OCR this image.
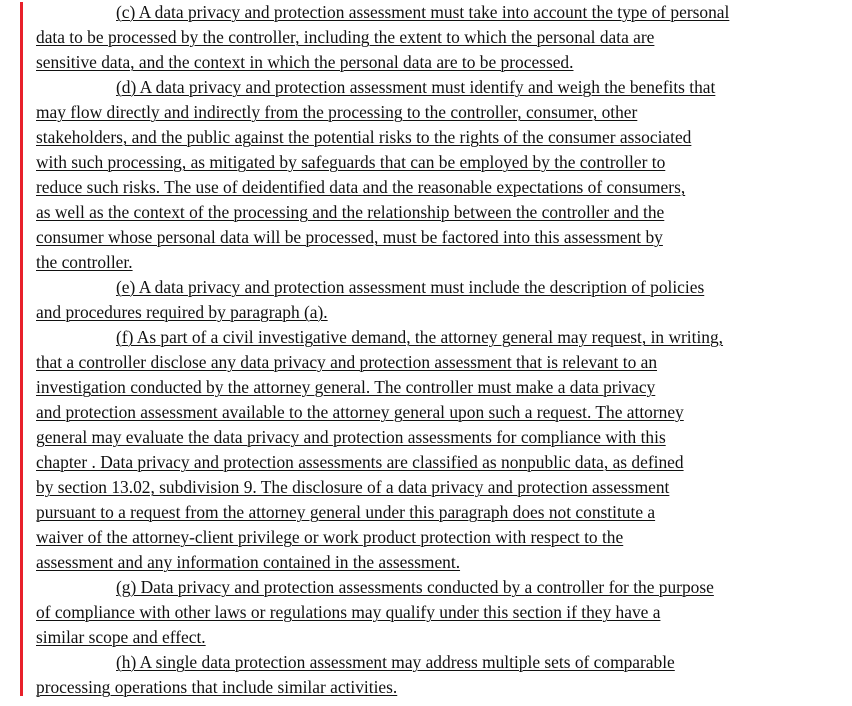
(c) A data privacy and protection assessment must take into account the type of personal
data to be processed by the controller, including the extent to which the personal data are
sensitive data, and the context in which the personal data are to be processed.
(d) A data privacy and protection assessment must identify and weigh the benefits that
may flow directly and indirectly from the processing to the controller, consumer, other
stakeholders, and the public against the potential risks to the rights of the consumer associated
with such processing, as mitigated by safeguards that can be employed by the controller to
reduce such risks. The use of deidentified data and the reasonable expectations of consumers,
as well as the context of the processing and the relationship between the controller and the
consumer whose personal data will be processed, must be factored into this assessment by
the controller.
(e) A data privacy and protection assessment must include the description of policies
and procedures required by paragraph (a).
(f) As part of a civil investigative demand, the attorney general may request, in writing,
that a controller disclose any data privacy and protection assessment that is relevant to an
investigation conducted by the attorney general. The controller must make a data privacy
and protection assessment available to the attorney general upon such a request. The attorney
general may evaluate the data privacy and protection assessments for compliance with this
chapter . Data privacy and protection assessments are classified as nonpublic data, as defined
by section 13.02, subdivision 9. The disclosure of a data privacy and protection assessment
pursuant to a request from the attorney general under this paragraph does not constitute a
waiver of the attorney-client privilege or work product protection with respect to the
assessment and any information contained in the assessment.
(g) Data privacy and protection assessments conducted by a controller for the purpose
of compliance with other laws or regulations may qualify under this section if they have a
similar scope and effect.
(h) A single data protection assessment may address multiple sets of comparable
processing operations that include similar activities.
